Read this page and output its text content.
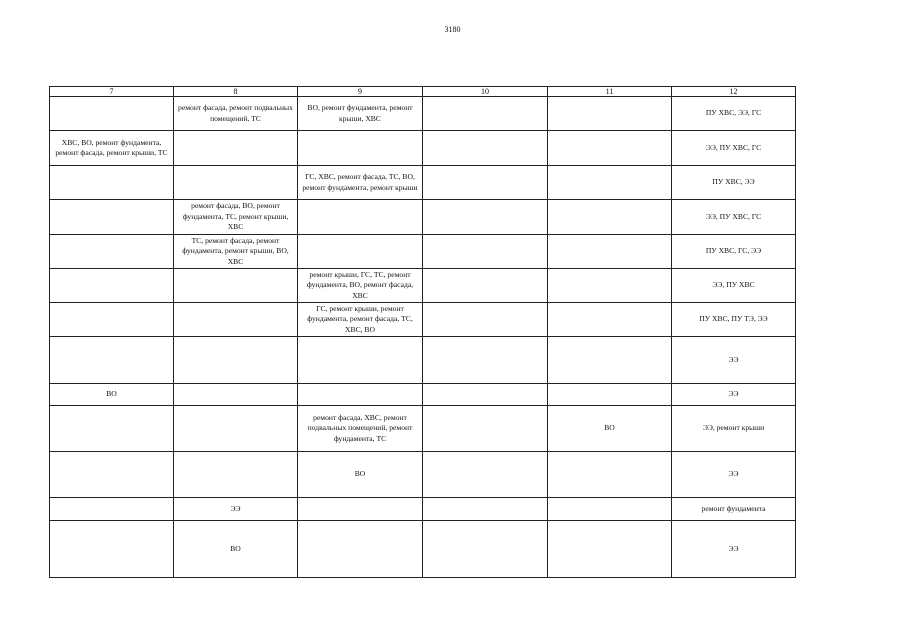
3180
7	8	9	10	11	12
	ремонт фасада, ремонт подвальных помещений, ТС	ВО, ремонт фундамента, ремонт крыши, ХВС			ПУ ХВС, ЭЭ, ГС
ХВС, ВО, ремонт фундамента, ремонт фасада, ремонт крыши, ТС					ЭЭ, ПУ ХВС, ГС
		ГС, ХВС, ремонт фасада, ТС, ВО, ремонт фундамента, ремонт крыши			ПУ ХВС, ЭЭ
	ремонт фасада, ВО, ремонт фундамента, ТС, ремонт крыши, ХВС				ЭЭ, ПУ ХВС, ГС
	ТС, ремонт фасада, ремонт фундамента, ремонт крыши, ВО, ХВС				ПУ ХВС, ГС, ЭЭ
		ремонт крыши, ГС, ТС, ремонт фундамента, ВО, ремонт фасада, ХВС			ЭЭ, ПУ ХВС
		ГС, ремонт крыши, ремонт фундамента, ремонт фасада, ТС, ХВС, ВО			ПУ ХВС, ПУ ТЭ, ЭЭ
					ЭЭ
ВО					ЭЭ
		ремонт фасада, ХВС, ремонт подвальных помещений, ремонт фундамента, ТС		ВО	ЭЭ, ремонт крыши
		ВО			ЭЭ
	ЭЭ				ремонт фундамента
	ВО				ЭЭ
